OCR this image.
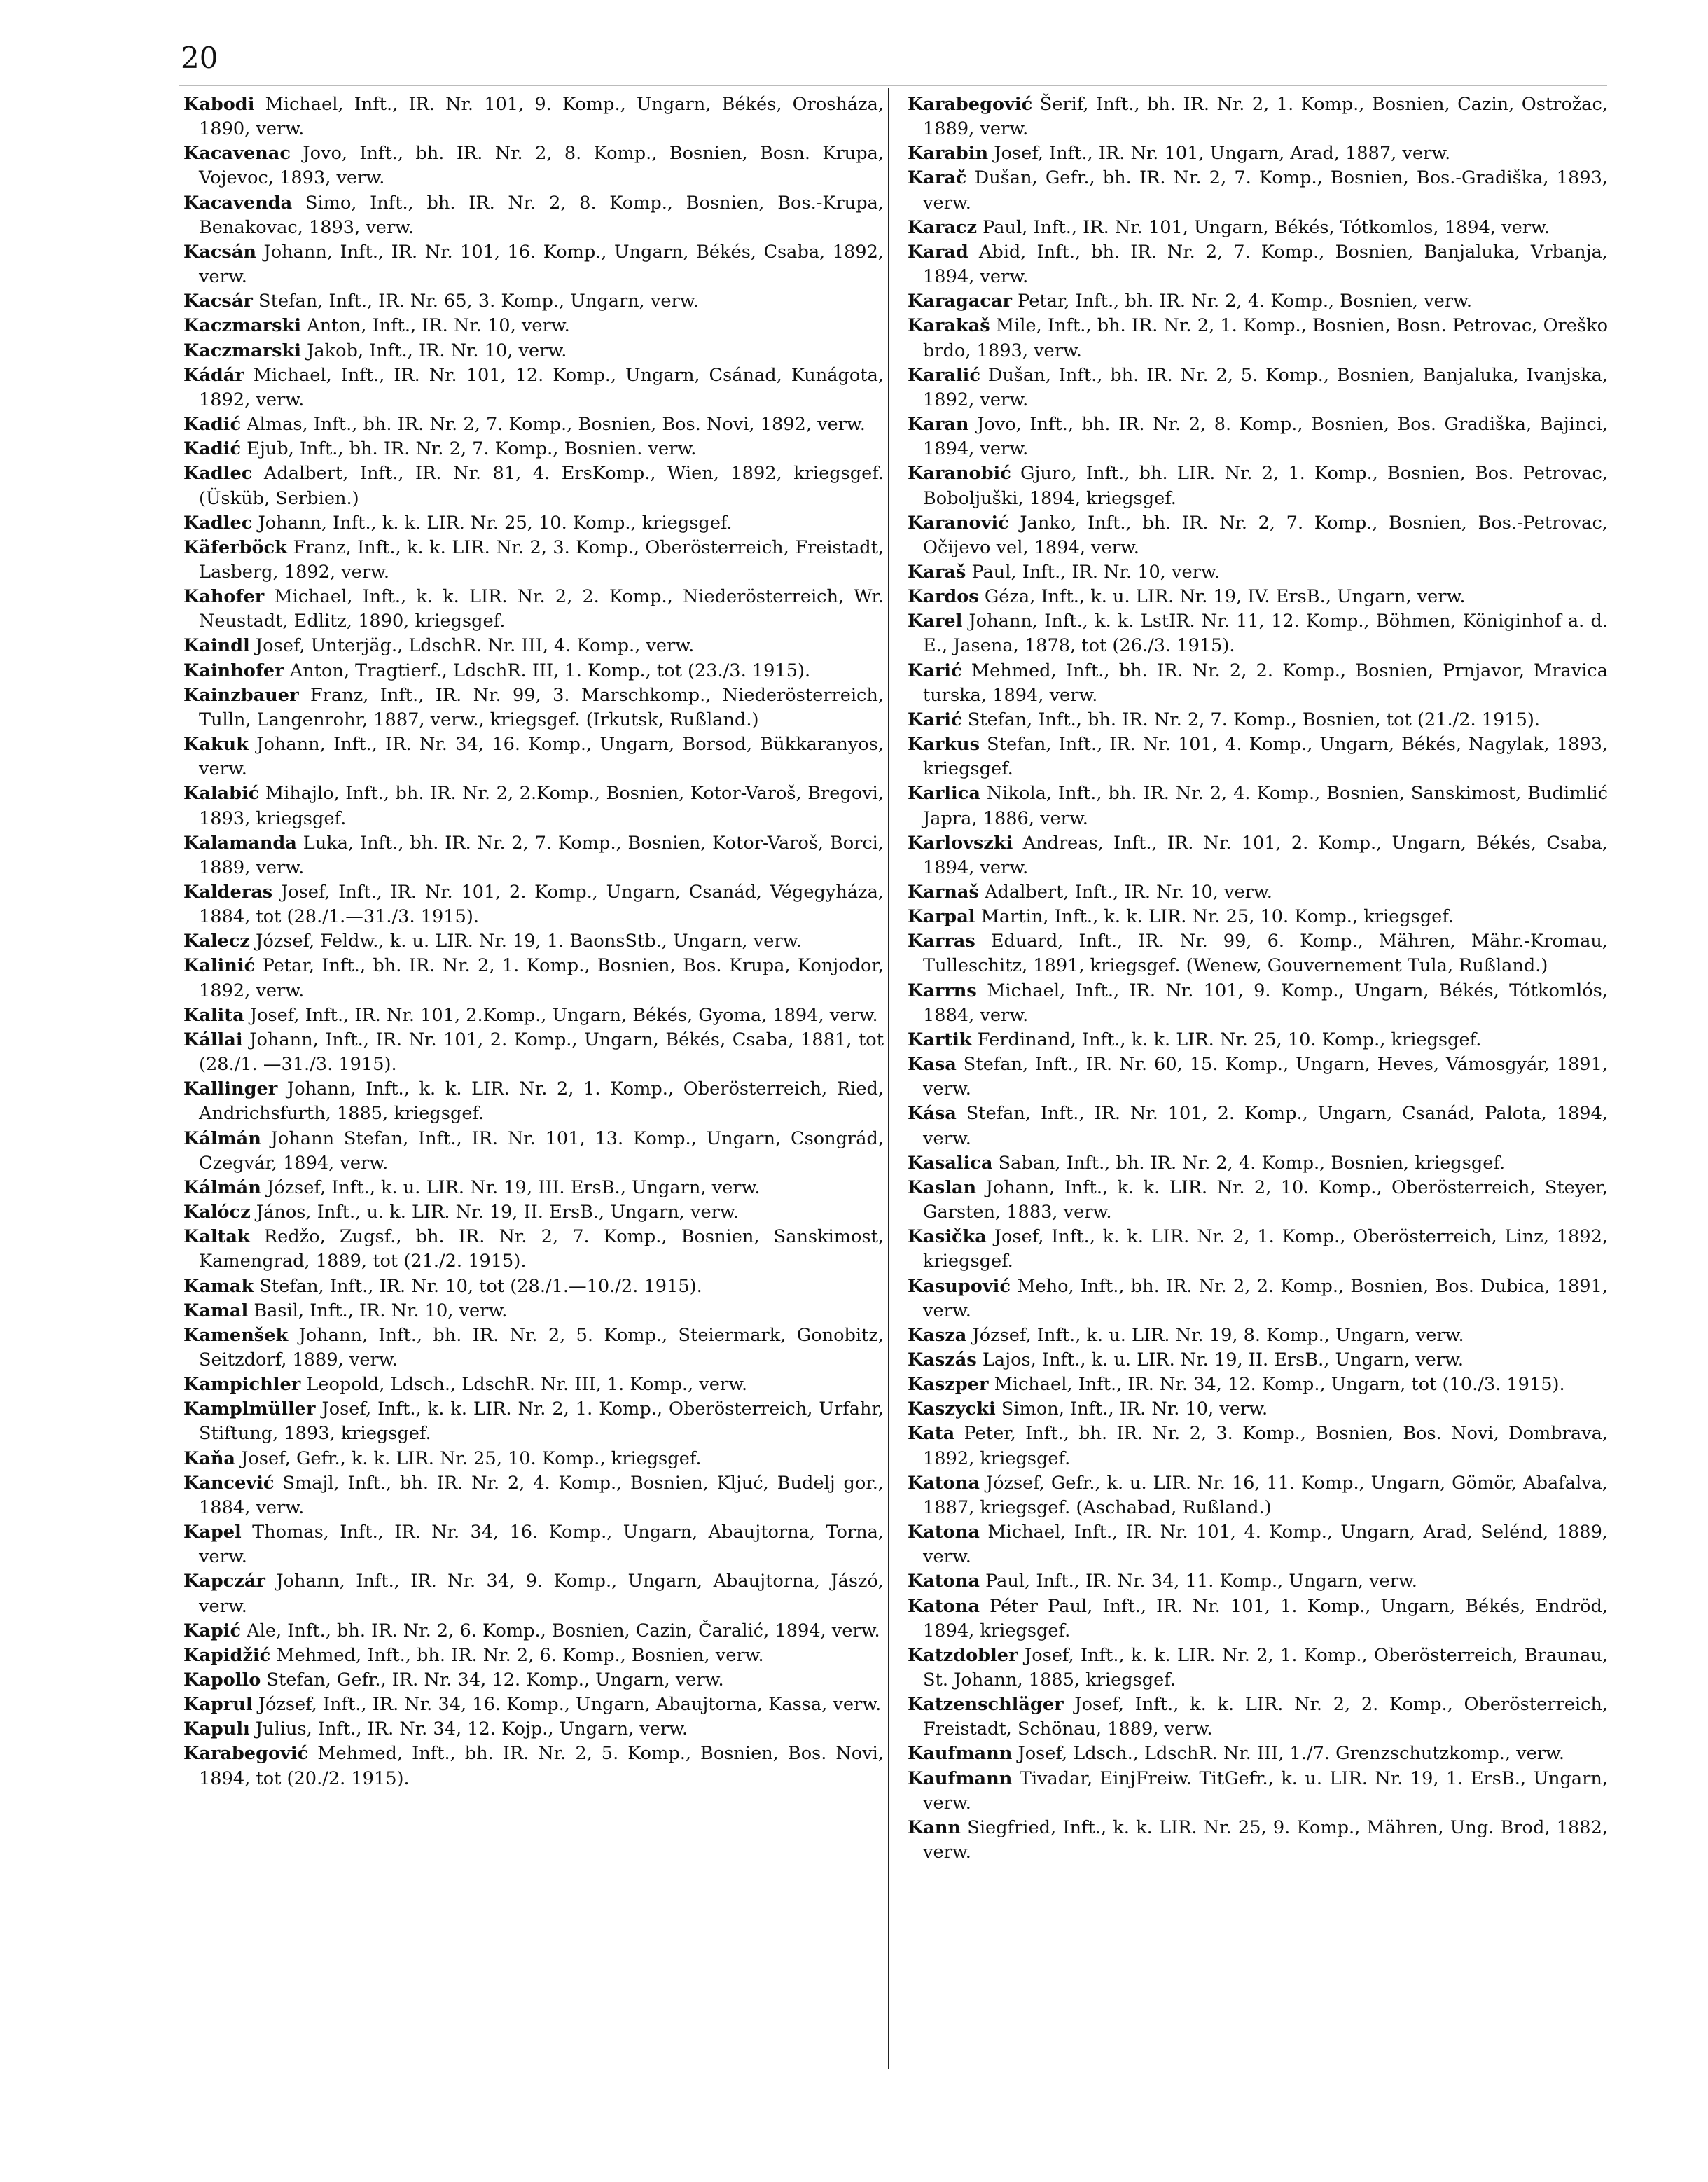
20

Kabodi Michael, Inft., IR. Nr. 101, 9. Komp., Ungarn, Békés, Orosháza, 1890, verw.

Kacavenac Jovo, Inft., bh. IR. Nr. 2, 8. Komp., Bosnien, Bosn. Krupa, Vojevoc, 1893, verw.

Kacavenda Simo, Inft., bh. IR. Nr. 2, 8. Komp., Bosnien, Bos.-Krupa, Benakovac, 1893, verw.

Kacsán Johann, Inft., IR. Nr. 101, 16. Komp., Ungarn, Békés, Csaba, 1892, verw.

Kacsár Stefan, Inft., IR. Nr. 65, 3. Komp., Ungarn, verw.

Kaczmarski Anton, Inft., IR. Nr. 10, verw.

Kaczmarski Jakob, Inft., IR. Nr. 10, verw.

Kádár Michael, Inft., IR. Nr. 101, 12. Komp., Ungarn, Csánad, Kunágota, 1892, verw.

Kadić Almas, Inft., bh. IR. Nr. 2, 7. Komp., Bosnien, Bos. Novi, 1892, verw.

Kadić Ejub, Inft., bh. IR. Nr. 2, 7. Komp., Bosnien. verw.

Kadlec Adalbert, Inft., IR. Nr. 81, 4. ErsKomp., Wien, 1892, kriegsgef. (Üsküb, Serbien.)

Kadlec Johann, Inft., k. k. LIR. Nr. 25, 10. Komp., kriegsgef.

Käferböck Franz, Inft., k. k. LIR. Nr. 2, 3. Komp., Oberösterreich, Freistadt, Lasberg, 1892, verw.

Kahofer Michael, Inft., k. k. LIR. Nr. 2, 2. Komp., Niederösterreich, Wr. Neustadt, Edlitz, 1890, kriegsgef.

Kaindl Josef, Unterjäg., LdschR. Nr. III, 4. Komp., verw.

Kainhofer Anton, Tragtierf., LdschR. III, 1. Komp., tot (23./3. 1915).

Kainzbauer Franz, Inft., IR. Nr. 99, 3. Marschkomp., Niederösterreich, Tulln, Langenrohr, 1887, verw., kriegsgef. (Irkutsk, Rußland.)

Kakuk Johann, Inft., IR. Nr. 34, 16. Komp., Ungarn, Borsod, Bükkaranyos, verw.

Kalabić Mihajlo, Inft., bh. IR. Nr. 2, 2.Komp., Bosnien, Kotor-Varoš, Bregovi, 1893, kriegsgef.

Kalamanda Luka, Inft., bh. IR. Nr. 2, 7. Komp., Bosnien, Kotor-Varoš, Borci, 1889, verw.

Kalderas Josef, Inft., IR. Nr. 101, 2. Komp., Ungarn, Csanád, Végegyháza, 1884, tot (28./1.—31./3. 1915).

Kalecz József, Feldw., k. u. LIR. Nr. 19, 1. BaonsStb., Ungarn, verw.

Kalinić Petar, Inft., bh. IR. Nr. 2, 1. Komp., Bosnien, Bos. Krupa, Konjodor, 1892, verw.

Kalita Josef, Inft., IR. Nr. 101, 2.Komp., Ungarn, Békés, Gyoma, 1894, verw.

Kállai Johann, Inft., IR. Nr. 101, 2. Komp., Ungarn, Békés, Csaba, 1881, tot (28./1. —31./3. 1915).

Kallinger Johann, Inft., k. k. LIR. Nr. 2, 1. Komp., Oberösterreich, Ried, Andrichsfurth, 1885, kriegsgef.

Kálmán Johann Stefan, Inft., IR. Nr. 101, 13. Komp., Ungarn, Csongrád, Czegvár, 1894, verw.

Kálmán József, Inft., k. u. LIR. Nr. 19, III. ErsB., Ungarn, verw.

Kalócz János, Inft., u. k. LIR. Nr. 19, II. ErsB., Ungarn, verw.

Kaltak Redžo, Zugsf., bh. IR. Nr. 2, 7. Komp., Bosnien, Sanskimost, Kamengrad, 1889, tot (21./2. 1915).

Kamak Stefan, Inft., IR. Nr. 10, tot (28./1.—10./2. 1915).

Kamal Basil, Inft., IR. Nr. 10, verw.

Kamenšek Johann, Inft., bh. IR. Nr. 2, 5. Komp., Steiermark, Gonobitz, Seitzdorf, 1889, verw.

Kampichler Leopold, Ldsch., LdschR. Nr. III, 1. Komp., verw.

Kamplmüller Josef, Inft., k. k. LIR. Nr. 2, 1. Komp., Oberösterreich, Urfahr, Stiftung, 1893, kriegsgef.

Kaňa Josef, Gefr., k. k. LIR. Nr. 25, 10. Komp., kriegsgef.

Kancević Smajl, Inft., bh. IR. Nr. 2, 4. Komp., Bosnien, Kljuć, Budelj gor., 1884, verw.

Kapel Thomas, Inft., IR. Nr. 34, 16. Komp., Ungarn, Abaujtorna, Torna, verw.

Kapczár Johann, Inft., IR. Nr. 34, 9. Komp., Ungarn, Abaujtorna, Jászó, verw.

Kapić Ale, Inft., bh. IR. Nr. 2, 6. Komp., Bosnien, Cazin, Čaralić, 1894, verw.

Kapidžić Mehmed, Inft., bh. IR. Nr. 2, 6. Komp., Bosnien, verw.

Kapollo Stefan, Gefr., IR. Nr. 34, 12. Komp., Ungarn, verw.

Kaprul József, Inft., IR. Nr. 34, 16. Komp., Ungarn, Abaujtorna, Kassa, verw.

Kapulı Julius, Inft., IR. Nr. 34, 12. Kojp., Ungarn, verw.

Karabegović Mehmed, Inft., bh. IR. Nr. 2, 5. Komp., Bosnien, Bos. Novi, 1894, tot (20./2. 1915).

Karabegović Šerif, Inft., bh. IR. Nr. 2, 1. Komp., Bosnien, Cazin, Ostrožac, 1889, verw.

Karabin Josef, Inft., IR. Nr. 101, Ungarn, Arad, 1887, verw.

Karač Dušan, Gefr., bh. IR. Nr. 2, 7. Komp., Bosnien, Bos.-Gradiška, 1893, verw.

Karacz Paul, Inft., IR. Nr. 101, Ungarn, Békés, Tótkomlos, 1894, verw.

Karad Abid, Inft., bh. IR. Nr. 2, 7. Komp., Bosnien, Banjaluka, Vrbanja, 1894, verw.

Karagacar Petar, Inft., bh. IR. Nr. 2, 4. Komp., Bosnien, verw.

Karakaš Mile, Inft., bh. IR. Nr. 2, 1. Komp., Bosnien, Bosn. Petrovac, Oreško brdo, 1893, verw.

Karalić Dušan, Inft., bh. IR. Nr. 2, 5. Komp., Bosnien, Banjaluka, Ivanjska, 1892, verw.

Karan Jovo, Inft., bh. IR. Nr. 2, 8. Komp., Bosnien, Bos. Gradiška, Bajinci, 1894, verw.

Karanobić Gjuro, Inft., bh. LIR. Nr. 2, 1. Komp., Bosnien, Bos. Petrovac, Boboljuški, 1894, kriegsgef.

Karanović Janko, Inft., bh. IR. Nr. 2, 7. Komp., Bosnien, Bos.-Petrovac, Očijevo vel, 1894, verw.

Karaš Paul, Inft., IR. Nr. 10, verw.

Kardos Géza, Inft., k. u. LIR. Nr. 19, IV. ErsB., Ungarn, verw.

Karel Johann, Inft., k. k. LstIR. Nr. 11, 12. Komp., Böhmen, Königinhof a. d. E., Jasena, 1878, tot (26./3. 1915).

Karić Mehmed, Inft., bh. IR. Nr. 2, 2. Komp., Bosnien, Prnjavor, Mravica turska, 1894, verw.

Karić Stefan, Inft., bh. IR. Nr. 2, 7. Komp., Bosnien, tot (21./2. 1915).

Karkus Stefan, Inft., IR. Nr. 101, 4. Komp., Ungarn, Békés, Nagylak, 1893, kriegsgef.

Karlica Nikola, Inft., bh. IR. Nr. 2, 4. Komp., Bosnien, Sanskimost, Budimlić Japra, 1886, verw.

Karlovszki Andreas, Inft., IR. Nr. 101, 2. Komp., Ungarn, Békés, Csaba, 1894, verw.

Karnaš Adalbert, Inft., IR. Nr. 10, verw.

Karpal Martin, Inft., k. k. LIR. Nr. 25, 10. Komp., kriegsgef.

Karras Eduard, Inft., IR. Nr. 99, 6. Komp., Mähren, Mähr.-Kromau, Tulleschitz, 1891, kriegsgef. (Wenew, Gouvernement Tula, Rußland.)

Karrns Michael, Inft., IR. Nr. 101, 9. Komp., Ungarn, Békés, Tótkomlós, 1884, verw.

Kartik Ferdinand, Inft., k. k. LIR. Nr. 25, 10. Komp., kriegsgef.

Kasa Stefan, Inft., IR. Nr. 60, 15. Komp., Ungarn, Heves, Vámosgyár, 1891, verw.

Kása Stefan, Inft., IR. Nr. 101, 2. Komp., Ungarn, Csanád, Palota, 1894, verw.

Kasalica Saban, Inft., bh. IR. Nr. 2, 4. Komp., Bosnien, kriegsgef.

Kaslan Johann, Inft., k. k. LIR. Nr. 2, 10. Komp., Oberösterreich, Steyer, Garsten, 1883, verw.

Kasička Josef, Inft., k. k. LIR. Nr. 2, 1. Komp., Oberösterreich, Linz, 1892, kriegsgef.

Kasupović Meho, Inft., bh. IR. Nr. 2, 2. Komp., Bosnien, Bos. Dubica, 1891, verw.

Kasza József, Inft., k. u. LIR. Nr. 19, 8. Komp., Ungarn, verw.

Kaszás Lajos, Inft., k. u. LIR. Nr. 19, II. ErsB., Ungarn, verw.

Kaszper Michael, Inft., IR. Nr. 34, 12. Komp., Ungarn, tot (10./3. 1915).

Kaszycki Simon, Inft., IR. Nr. 10, verw.

Kata Peter, Inft., bh. IR. Nr. 2, 3. Komp., Bosnien, Bos. Novi, Dombrava, 1892, kriegsgef.

Katona József, Gefr., k. u. LIR. Nr. 16, 11. Komp., Ungarn, Gömör, Abafalva, 1887, kriegsgef. (Aschabad, Rußland.)

Katona Michael, Inft., IR. Nr. 101, 4. Komp., Ungarn, Arad, Selénd, 1889, verw.

Katona Paul, Inft., IR. Nr. 34, 11. Komp., Ungarn, verw.

Katona Péter Paul, Inft., IR. Nr. 101, 1. Komp., Ungarn, Békés, Endröd, 1894, kriegsgef.

Katzdobler Josef, Inft., k. k. LIR. Nr. 2, 1. Komp., Oberösterreich, Braunau, St. Johann, 1885, kriegsgef.

Katzenschläger Josef, Inft., k. k. LIR. Nr. 2, 2. Komp., Oberösterreich, Freistadt, Schönau, 1889, verw.

Kaufmann Josef, Ldsch., LdschR. Nr. III, 1./7. Grenzschutzkomp., verw.

Kaufmann Tivadar, EinjFreiw. TitGefr., k. u. LIR. Nr. 19, 1. ErsB., Ungarn, verw.

Kann Siegfried, Inft., k. k. LIR. Nr. 25, 9. Komp., Mähren, Ung. Brod, 1882, verw.
